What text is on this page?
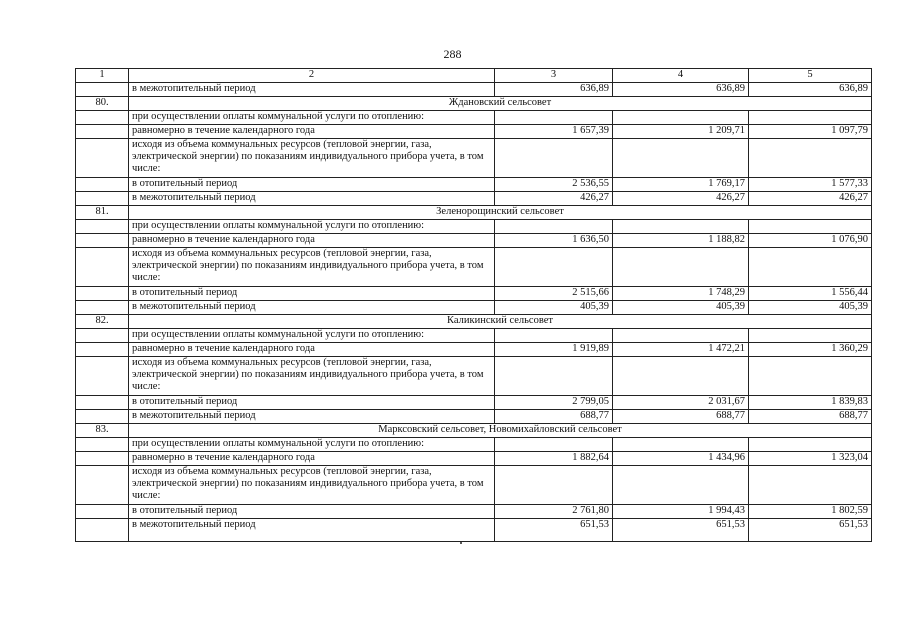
288
1	2	3	4	5
	в межотопительный период	636,89	636,89	636,89
80.	Ждановский сельсовет			
	при осуществлении оплаты коммунальной услуги по отоплению:			
	равномерно в течение календарного года	1 657,39	1 209,71	1 097,79
	исходя из объема коммунальных ресурсов (тепловой энергии, газа, электрической энергии) по показаниям индивидуального прибора учета, в том числе:			
	в отопительный период	2 536,55	1 769,17	1 577,33
	в межотопительный период	426,27	426,27	426,27
81.	Зеленорощинский сельсовет			
	при осуществлении оплаты коммунальной услуги по отоплению:			
	равномерно в течение календарного года	1 636,50	1 188,82	1 076,90
	исходя из объема коммунальных ресурсов (тепловой энергии, газа, электрической энергии) по показаниям индивидуального прибора учета, в том числе:			
	в отопительный период	2 515,66	1 748,29	1 556,44
	в межотопительный период	405,39	405,39	405,39
82.	Каликинский сельсовет			
	при осуществлении оплаты коммунальной услуги по отоплению:			
	равномерно в течение календарного года	1 919,89	1 472,21	1 360,29
	исходя из объема коммунальных ресурсов (тепловой энергии, газа, электрической энергии) по показаниям индивидуального прибора учета, в том числе:			
	в отопительный период	2 799,05	2 031,67	1 839,83
	в межотопительный период	688,77	688,77	688,77
83.	Марксовский сельсовет, Новомихайловский сельсовет			
	при осуществлении оплаты коммунальной услуги по отоплению:			
	равномерно в течение календарного года	1 882,64	1 434,96	1 323,04
	исходя из объема коммунальных ресурсов (тепловой энергии, газа, электрической энергии) по показаниям индивидуального прибора учета, в том числе:			
	в отопительный период	2 761,80	1 994,43	1 802,59
	в межотопительный период	651,53	651,53	651,53
